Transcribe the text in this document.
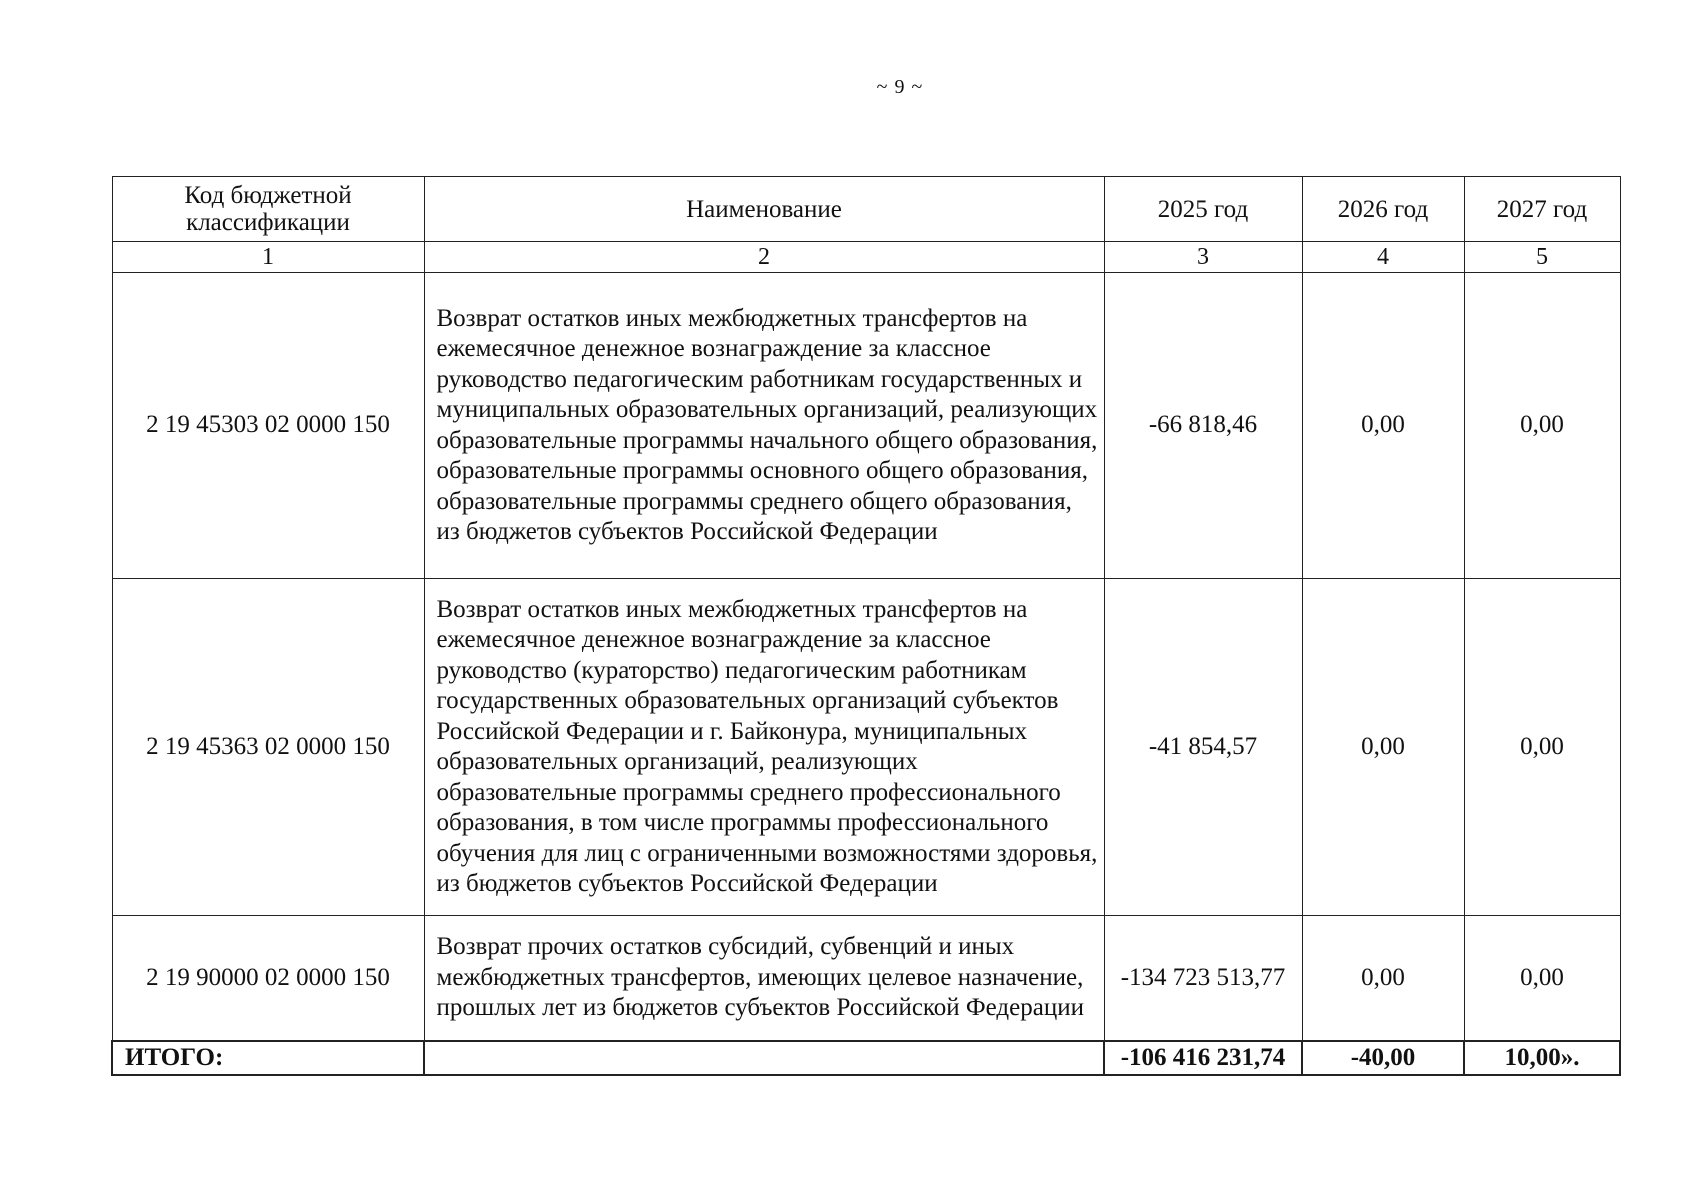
~ 9 ~
Код бюджетной классификации	Наименование	2025 год	2026 год	2027 год
1	2	3	4	5
2 19 45303 02 0000 150	Возврат остатков иных межбюджетных трансфертов на ежемесячное денежное вознаграждение за классное руководство педагогическим работникам государственных и муниципальных образовательных организаций, реализующих образовательные программы начального общего образования, образовательные программы основного общего образования, образовательные программы среднего общего образования, из бюджетов субъектов Российской Федерации	-66 818,46	0,00	0,00
2 19 45363 02 0000 150	Возврат остатков иных межбюджетных трансфертов на ежемесячное денежное вознаграждение за классное руководство (кураторство) педагогическим работникам государственных образовательных организаций субъектов Российской Федерации и г. Байконура, муниципальных образовательных организаций, реализующих образовательные программы среднего профессионального образования, в том числе программы профессионального обучения для лиц с ограниченными возможностями здоровья, из бюджетов субъектов Российской Федерации	-41 854,57	0,00	0,00
2 19 90000 02 0000 150	Возврат прочих остатков субсидий, субвенций и иных межбюджетных трансфертов, имеющих целевое назначение, прошлых лет из бюджетов субъектов Российской Федерации	-134 723 513,77	0,00	0,00
ИТОГО:		-106 416 231,74	-40,00	10,00».
